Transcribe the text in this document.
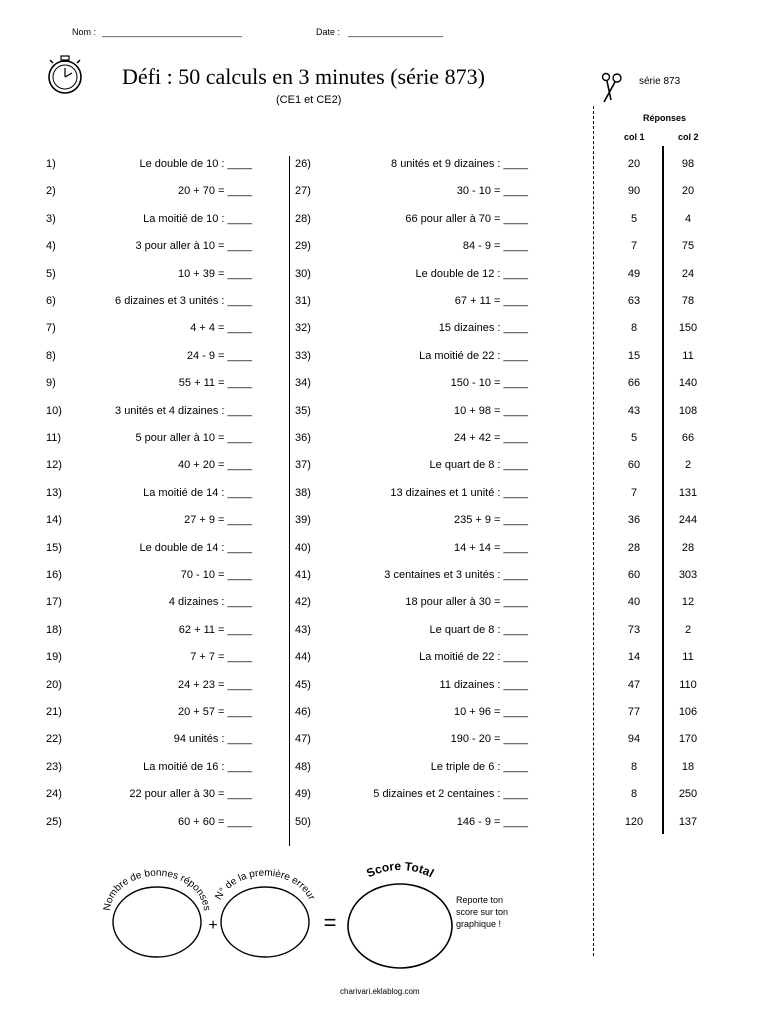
Nom : ____________________________	Date : ___________________
Défi : 50 calculs en 3 minutes (série 873)
(CE1 et CE2)
série 873
Réponses
col 1	col 2
1)	Le double de 10 : ____
2)	20 + 70 = ____
3)	La moitié de 10 : ____
4)	3 pour aller à 10 = ____
5)	10 + 39 = ____
6)	6 dizaines et 3 unités : ____
7)	4 + 4 = ____
8)	24 - 9 = ____
9)	55 + 11 = ____
10)	3 unités et 4 dizaines : ____
11)	5 pour aller à 10 = ____
12)	40 + 20 = ____
13)	La moitié de 14 : ____
14)	27 + 9 = ____
15)	Le double de 14 : ____
16)	70 - 10 = ____
17)	4 dizaines : ____
18)	62 + 11 = ____
19)	7 + 7 = ____
20)	24 + 23 = ____
21)	20 + 57 = ____
22)	94 unités : ____
23)	La moitié de 16 : ____
24)	22 pour aller à 30 = ____
25)	60 + 60 = ____
26)	8 unités et 9 dizaines : ____
27)	30 - 10 = ____
28)	66 pour aller à 70 = ____
29)	84 - 9 = ____
30)	Le double de 12 : ____
31)	67 + 11 = ____
32)	15 dizaines : ____
33)	La moitié de 22 : ____
34)	150 - 10 = ____
35)	10 + 98 = ____
36)	24 + 42 = ____
37)	Le quart de 8 : ____
38)	13 dizaines et 1 unité : ____
39)	235 + 9 = ____
40)	14 + 14 = ____
41)	3 centaines et 3 unités : ____
42)	18 pour aller à 30 = ____
43)	Le quart de 8 : ____
44)	La moitié de 22 : ____
45)	11 dizaines : ____
46)	10 + 96 = ____
47)	190 - 20 = ____
48)	Le triple de 6 : ____
49)	5 dizaines et 2 centaines : ____
50)	146 - 9 = ____
20	98
90	20
5	4
7	75
49	24
63	78
8	150
15	11
66	140
43	108
5	66
60	2
7	131
36	244
28	28
60	303
40	12
73	2
14	11
47	110
77	106
94	170
8	18
8	250
120	137
Nombre de bonnes réponses
N° de la première erreur
Score Total
+	=
Reporte ton
score sur ton
graphique !
charivari.eklablog.com
